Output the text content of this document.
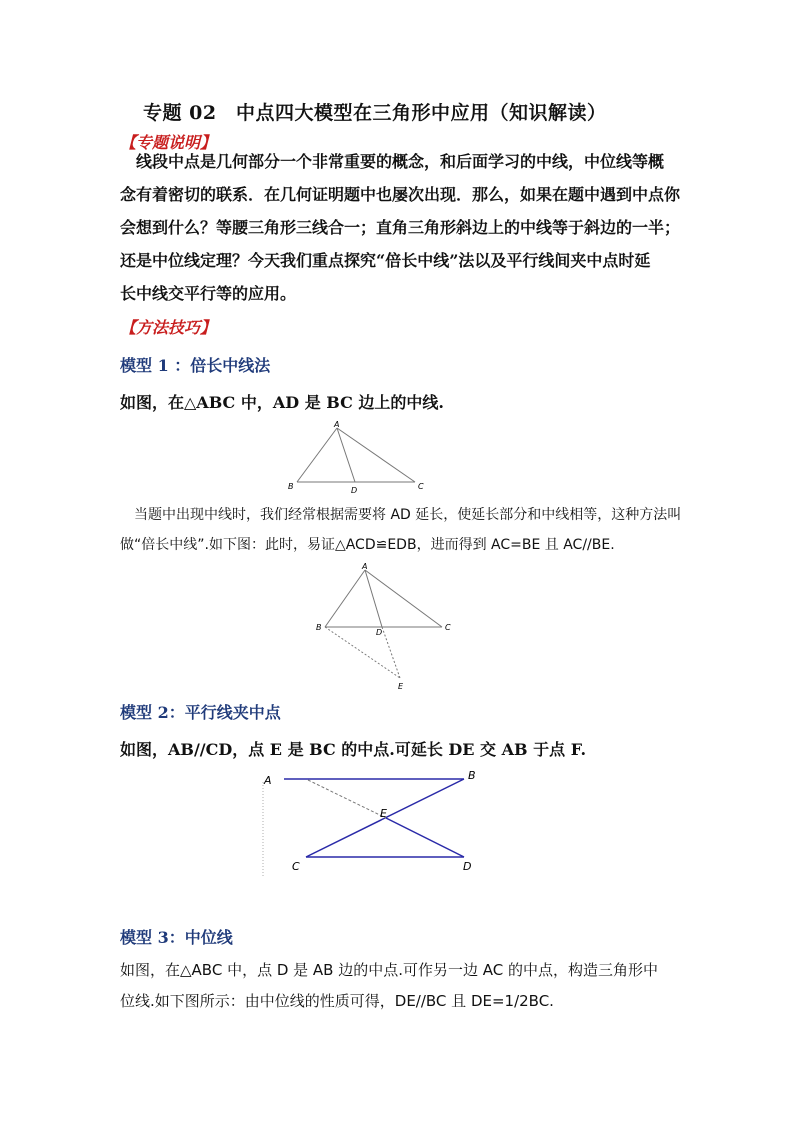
专题 02　中点四大模型在三角形中应用（知识解读）
【专题说明】
线段中点是几何部分一个非常重要的概念，和后面学习的中线，中位线等概
念有着密切的联系．在几何证明题中也屡次出现．那么，如果在题中遇到中点你
会想到什么？等腰三角形三线合一；直角三角形斜边上的中线等于斜边的一半；
还是中位线定理？今天我们重点探究“倍长中线”法以及平行线间夹中点时延
长中线交平行等的应用。
【方法技巧】
模型 1 ：倍长中线法
如图，在△ABC 中，AD 是 BC 边上的中线.
A
B	D	C
当题中出现中线时，我们经常根据需要将 AD 延长，使延长部分和中线相等，这种方法叫
做“倍长中线”.如下图：此时，易证△ACD≌EDB，进而得到 AC=BE 且 AC//BE.
A
B
D
C
E
模型 2：平行线夹中点
如图，AB//CD，点 E 是 BC 的中点.可延长 DE 交 AB 于点 F.
A	B
E
C	D
模型 3：中位线
如图，在△ABC 中，点 D 是 AB 边的中点.可作另一边 AC 的中点，构造三角形中
位线.如下图所示：由中位线的性质可得，DE//BC 且 DE=1/2BC.
